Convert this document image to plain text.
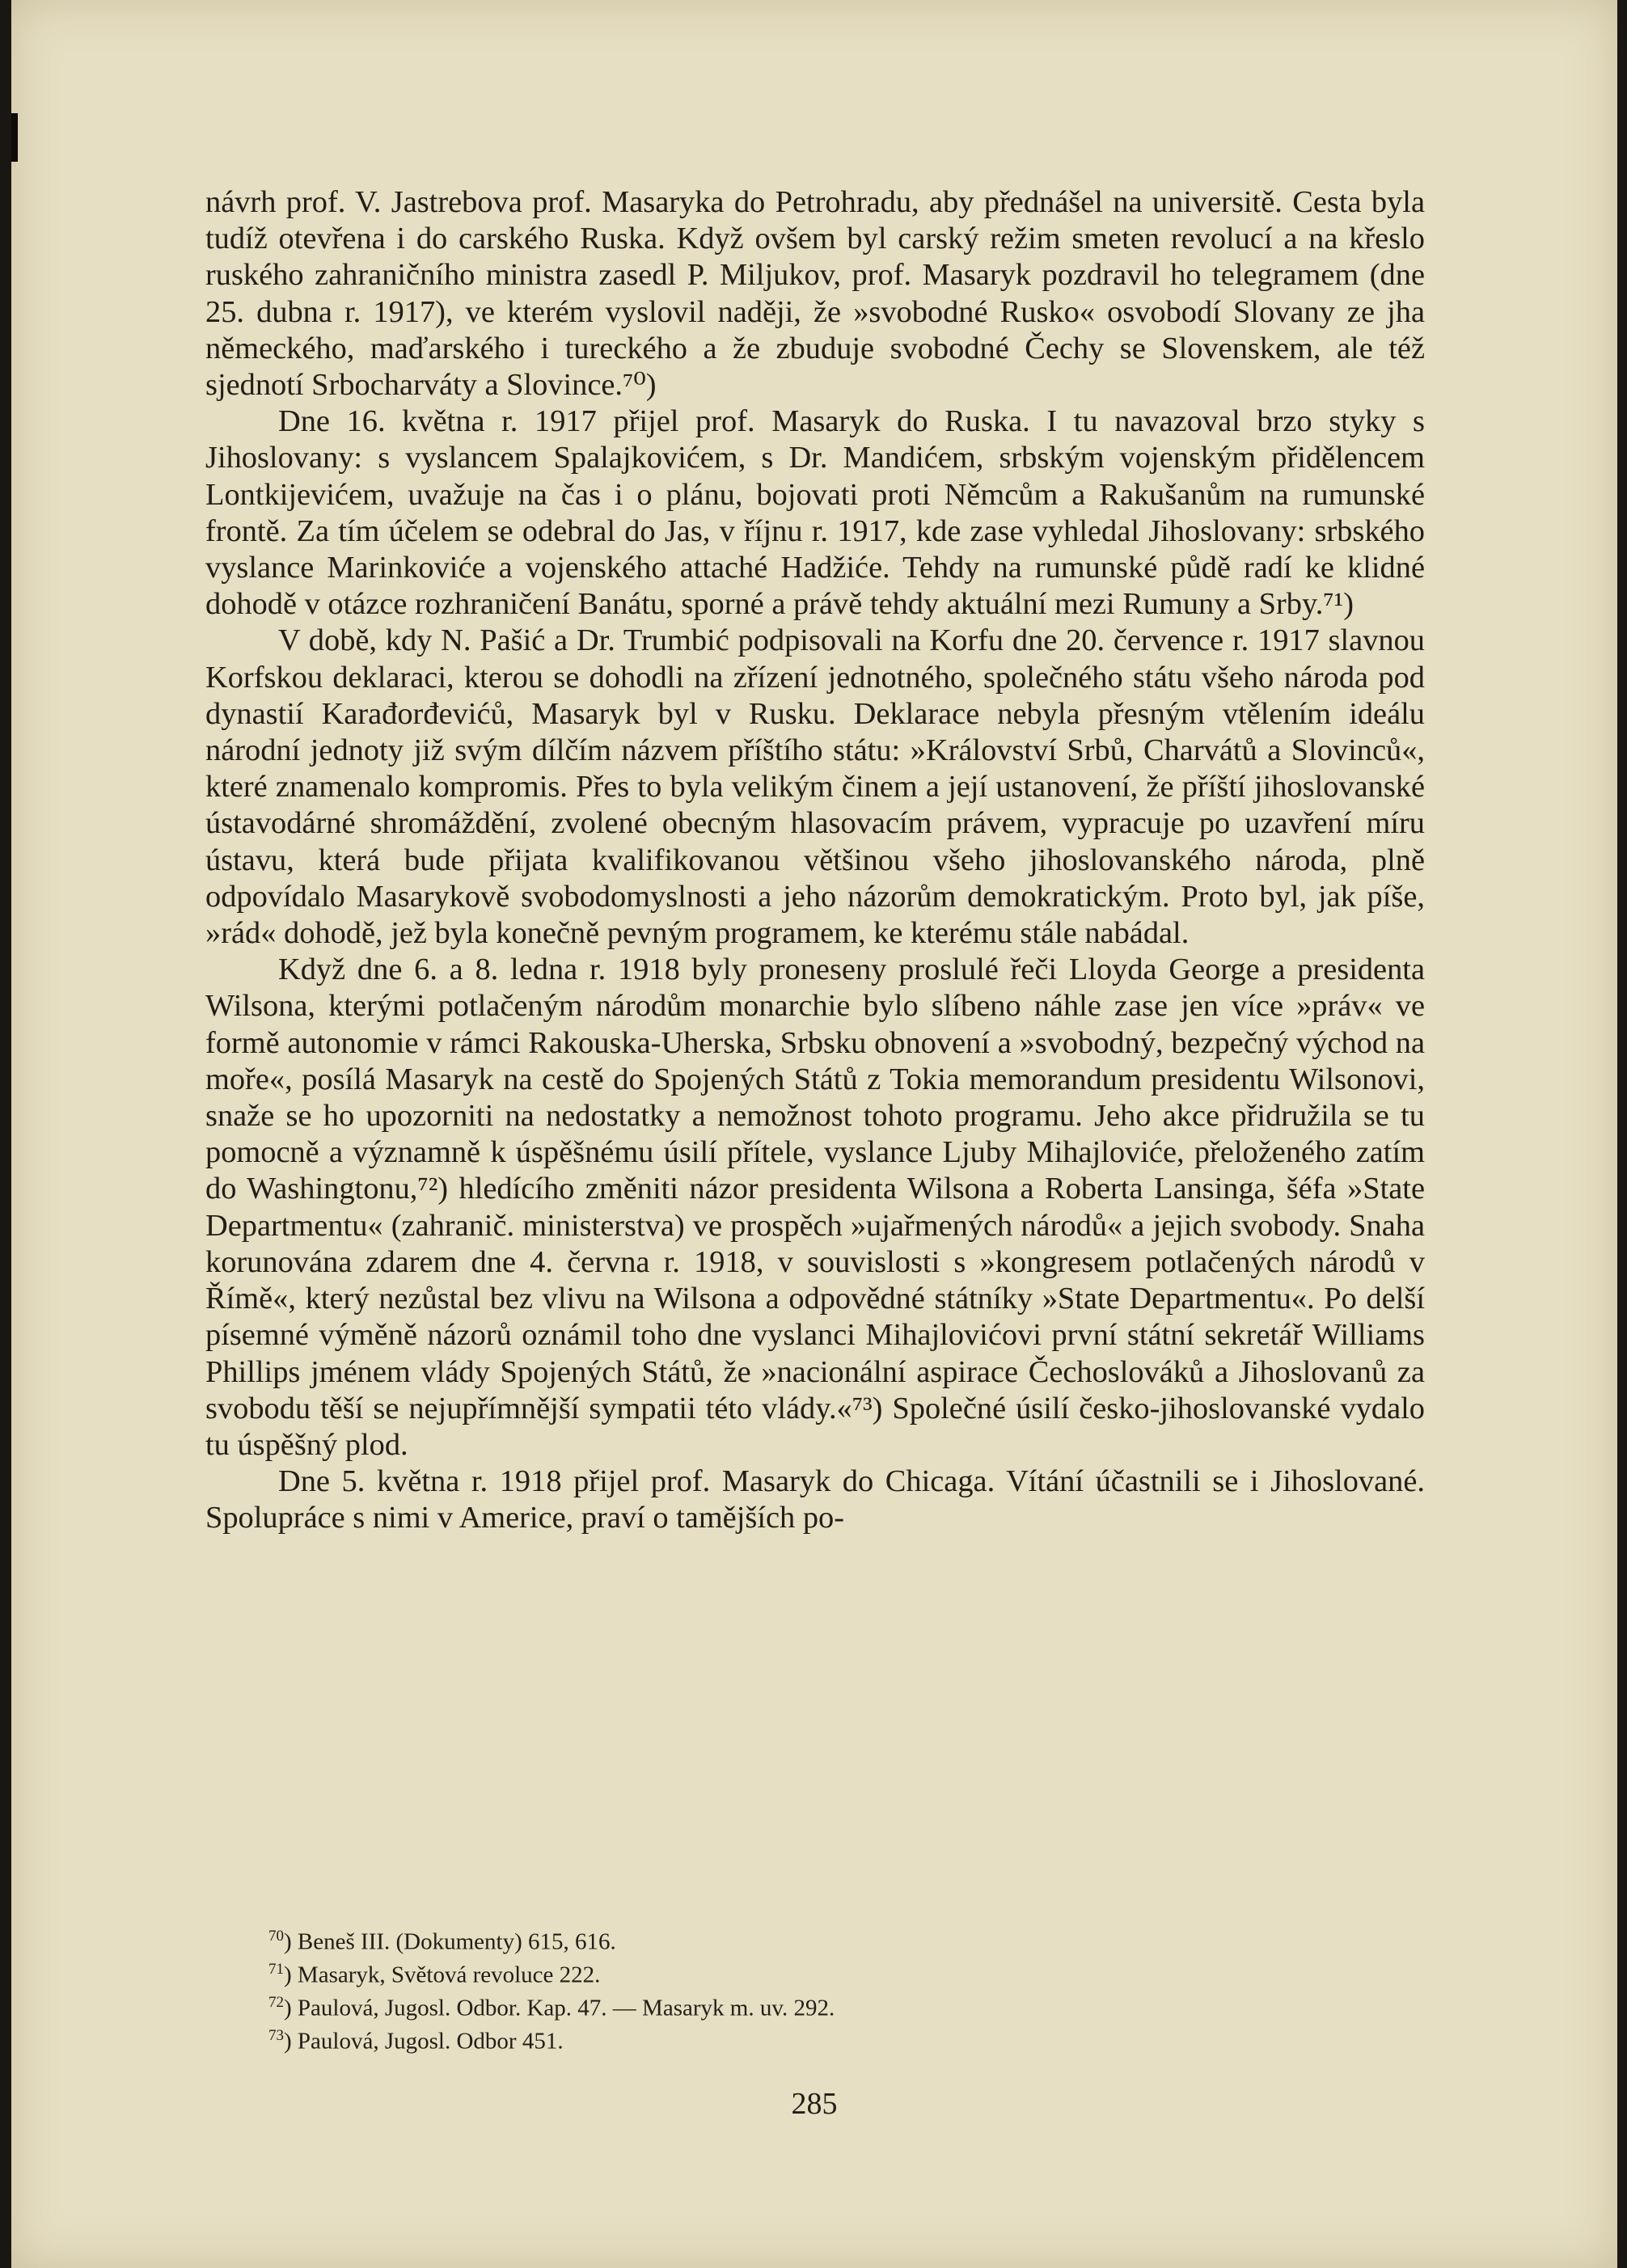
návrh prof. V. Jastrebova prof. Masaryka do Petrohradu, aby přednášel na universitě. Cesta byla tudíž otevřena i do carského Ruska. Když ovšem byl carský režim smeten revolucí a na křeslo ruského zahraničního ministra zasedl P. Miljukov, prof. Masaryk pozdravil ho telegramem (dne 25. dubna r. 1917), ve kterém vyslovil naději, že »svobodné Rusko« osvobodí Slovany ze jha německého, maďarského i tureckého a že zbuduje svobodné Čechy se Slovenskem, ale též sjednotí Srbocharváty a Slovince.⁷⁰)

Dne 16. května r. 1917 přijel prof. Masaryk do Ruska. I tu navazoval brzo styky s Jihoslovany: s vyslancem Spalajkovićem, s Dr. Mandićem, srbským vojenským přidělencem Lontkijevićem, uvažuje na čas i o plánu, bojovati proti Němcům a Rakušanům na rumunské frontě. Za tím účelem se odebral do Jas, v říjnu r. 1917, kde zase vyhledal Jihoslovany: srbského vyslance Marinkoviće a vojenského attaché Hadžiće. Tehdy na rumunské půdě radí ke klidné dohodě v otázce rozhraničení Banátu, sporné a právě tehdy aktuální mezi Rumuny a Srby.⁷¹)

V době, kdy N. Pašić a Dr. Trumbić podpisovali na Korfu dne 20. července r. 1917 slavnou Korfskou deklaraci, kterou se dohodli na zřízení jednotného, společného státu všeho národa pod dynastií Karađorđevićů, Masaryk byl v Rusku. Deklarace nebyla přesným vtělením ideálu národní jednoty již svým dílčím názvem příštího státu: »Království Srbů, Charvátů a Slovinců«, které znamenalo kompromis. Přes to byla velikým činem a její ustanovení, že příští jihoslovanské ústavodárné shromáždění, zvolené obecným hlasovacím právem, vypracuje po uzavření míru ústavu, která bude přijata kvalifikovanou většinou všeho jihoslovanského národa, plně odpovídalo Masarykově svobodomyslnosti a jeho názorům demokratickým. Proto byl, jak píše, »rád« dohodě, jež byla konečně pevným programem, ke kterému stále nabádal.

Když dne 6. a 8. ledna r. 1918 byly proneseny proslulé řeči Lloyda George a presidenta Wilsona, kterými potlačeným národům monarchie bylo slíbeno náhle zase jen více »práv« ve formě autonomie v rámci Rakouska-Uherska, Srbsku obnovení a »svobodný, bezpečný východ na moře«, posílá Masaryk na cestě do Spojených Států z Tokia memorandum presidentu Wilsonovi, snaže se ho upozorniti na nedostatky a nemožnost tohoto programu. Jeho akce přidružila se tu pomocně a významně k úspěšnému úsilí přítele, vyslance Ljuby Mihajloviće, přeloženého zatím do Washingtonu,⁷²) hledícího změniti názor presidenta Wilsona a Roberta Lansinga, šéfa »State Departmentu« (zahranič. ministerstva) ve prospěch »ujařmených národů« a jejich svobody. Snaha korunována zdarem dne 4. června r. 1918, v souvislosti s »kongresem potlačených národů v Římě«, který nezůstal bez vlivu na Wilsona a odpovědné státníky »State Departmentu«. Po delší písemné výměně názorů oznámil toho dne vyslanci Mihajlovićovi první státní sekretář Williams Phillips jménem vlády Spojených Států, že »nacionální aspirace Čechoslováků a Jihoslovanů za svobodu těší se nejupřímnější sympatii této vlády.«⁷³) Společné úsilí česko-jihoslovanské vydalo tu úspěšný plod.

Dne 5. května r. 1918 přijel prof. Masaryk do Chicaga. Vítání účastnili se i Jihoslované. Spolupráce s nimi v Americe, praví o tamějších po-

$^{70}$) Beneš III. (Dokumenty) 615, 616.
$^{71}$) Masaryk, Světová revoluce 222.
$^{72}$) Paulová, Jugosl. Odbor. Kap. 47. — Masaryk m. uv. 292.
$^{73}$) Paulová, Jugosl. Odbor 451.
285
